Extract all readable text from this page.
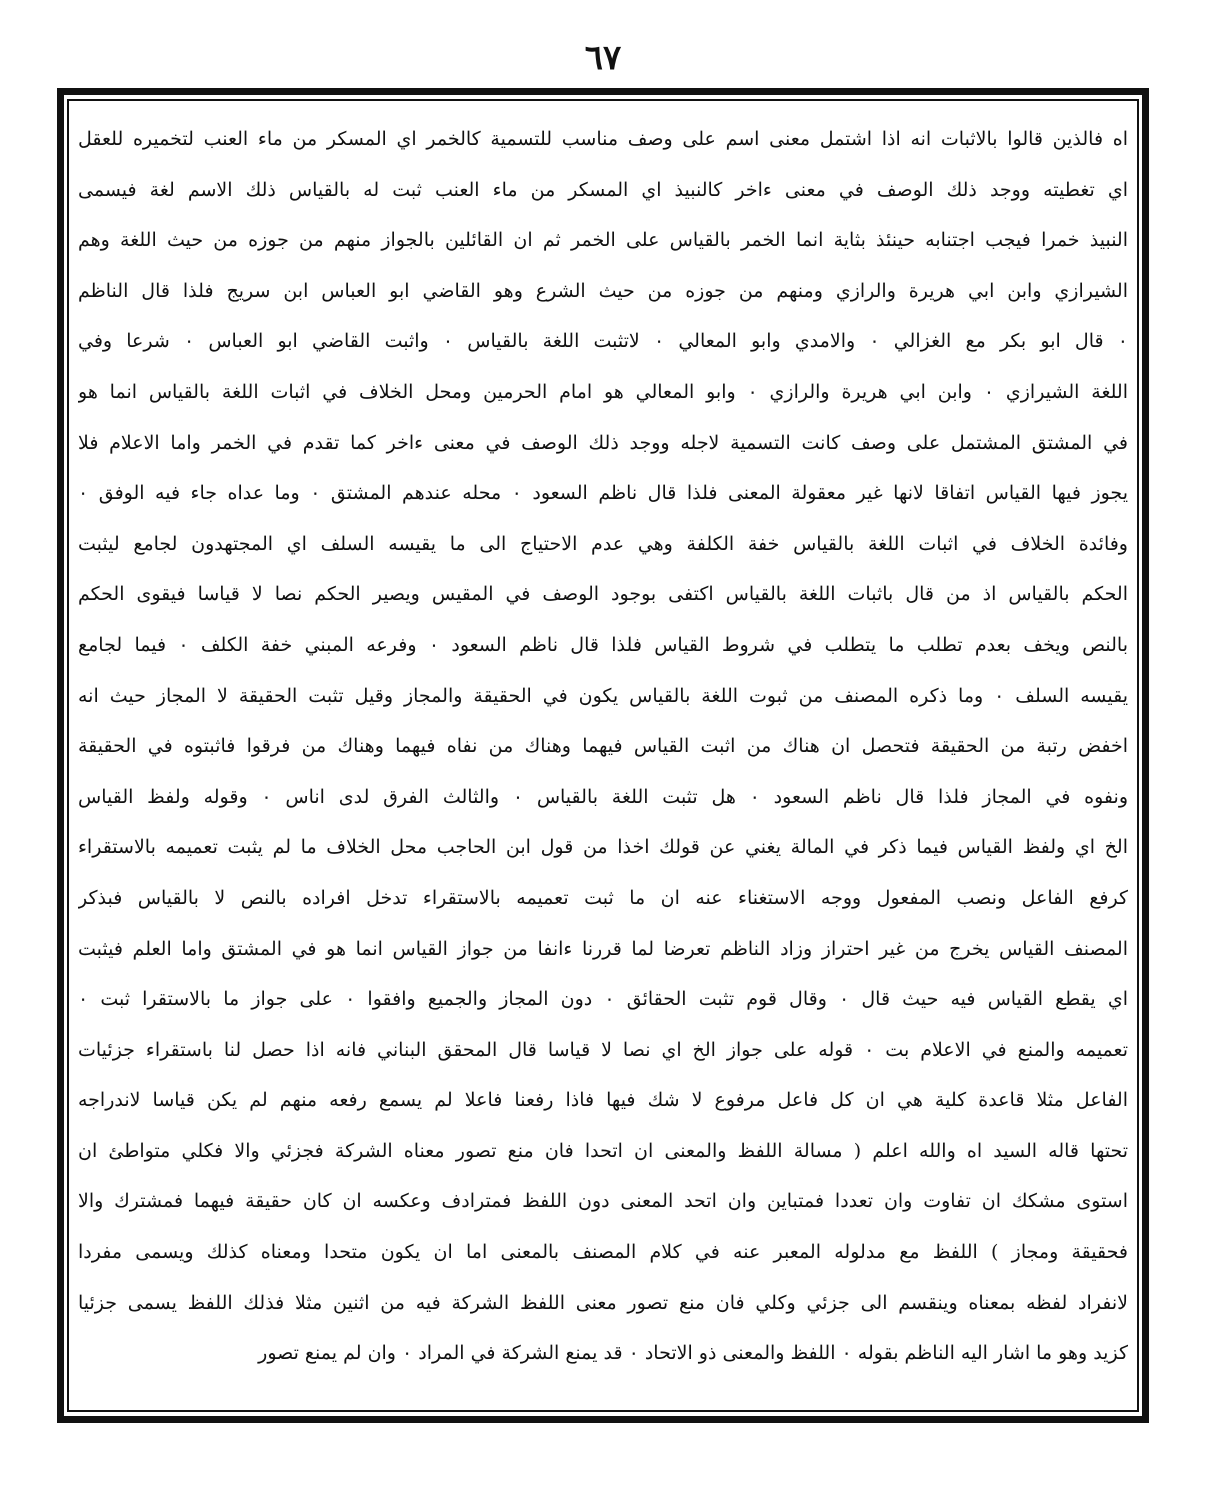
٦٧
اه فالذين قالوا بالاثبات انه اذا اشتمل معنى اسم على وصف مناسب للتسمية كالخمر اي المسكر من ماء العنب لتخميره للعقل
اي تغطيته ووجد ذلك الوصف في معنى ءاخر كالنبيذ اي المسكر من ماء العنب ثبت له بالقياس ذلك الاسم لغة فيسمى
النبيذ خمرا فيجب اجتنابه حينئذ بثاية انما الخمر بالقياس على الخمر ثم ان القائلين بالجواز منهم من جوزه من حيث اللغة وهم
الشيرازي وابن ابي هريرة والرازي ومنهم من جوزه من حيث الشرع وهو القاضي ابو العباس ابن سريج فلذا قال الناظم
٠ قال ابو بكر مع الغزالي ٠ والامدي وابو المعالي ٠ لاتثبت اللغة بالقياس ٠ واثبت القاضي ابو العباس ٠ شرعا وفي
اللغة الشيرازي ٠ وابن ابي هريرة والرازي ٠ وابو المعالي هو امام الحرمين ومحل الخلاف في اثبات اللغة بالقياس انما هو
في المشتق المشتمل على وصف كانت التسمية لاجله ووجد ذلك الوصف في معنى ءاخر كما تقدم في الخمر واما الاعلام فلا
يجوز فيها القياس اتفاقا لانها غير معقولة المعنى فلذا قال ناظم السعود ٠ محله عندهم المشتق ٠ وما عداه جاء فيه الوفق ٠
وفائدة الخلاف في اثبات اللغة بالقياس خفة الكلفة وهي عدم الاحتياج الى ما يقيسه السلف اي المجتهدون لجامع ليثبت
الحكم بالقياس اذ من قال باثبات اللغة بالقياس اكتفى بوجود الوصف في المقيس ويصير الحكم نصا لا قياسا فيقوى الحكم
بالنص ويخف بعدم تطلب ما يتطلب في شروط القياس فلذا قال ناظم السعود ٠ وفرعه المبني خفة الكلف ٠ فيما لجامع
يقيسه السلف ٠ وما ذكره المصنف من ثبوت اللغة بالقياس يكون في الحقيقة والمجاز وقيل تثبت الحقيقة لا المجاز حيث انه
اخفض رتبة من الحقيقة فتحصل ان هناك من اثبت القياس فيهما وهناك من نفاه فيهما وهناك من فرقوا فاثبتوه في الحقيقة
ونفوه في المجاز فلذا قال ناظم السعود ٠ هل تثبت اللغة بالقياس ٠ والثالث الفرق لدى اناس ٠ وقوله ولفظ القياس
الخ اي ولفظ القياس فيما ذكر في المالة يغني عن قولك اخذا من قول ابن الحاجب محل الخلاف ما لم يثبت تعميمه بالاستقراء
كرفع الفاعل ونصب المفعول ووجه الاستغناء عنه ان ما ثبت تعميمه بالاستقراء تدخل افراده بالنص لا بالقياس فبذكر
المصنف القياس يخرج من غير احتراز وزاد الناظم تعرضا لما قررنا ءانفا من جواز القياس انما هو في المشتق واما العلم فيثبت
اي يقطع القياس فيه حيث قال ٠ وقال قوم تثبت الحقائق ٠ دون المجاز والجميع وافقوا ٠ على جواز ما بالاستقرا ثبت ٠
تعميمه والمنع في الاعلام بت ٠ قوله على جواز الخ اي نصا لا قياسا قال المحقق البناني فانه اذا حصل لنا باستقراء جزئيات
الفاعل مثلا قاعدة كلية هي ان كل فاعل مرفوع لا شك فيها فاذا رفعنا فاعلا لم يسمع رفعه منهم لم يكن قياسا لاندراجه
تحتها قاله السيد اه والله اعلم ( مسالة اللفظ والمعنى ان اتحدا فان منع تصور معناه الشركة فجزئي والا فكلي متواطئ ان
استوى مشكك ان تفاوت وان تعددا فمتباين وان اتحد المعنى دون اللفظ فمترادف وعكسه ان كان حقيقة فيهما فمشترك والا
فحقيقة ومجاز ) اللفظ مع مدلوله المعبر عنه في كلام المصنف بالمعنى اما ان يكون متحدا ومعناه كذلك ويسمى مفردا
لانفراد لفظه بمعناه وينقسم الى جزئي وكلي فان منع تصور معنى اللفظ الشركة فيه من اثنين مثلا فذلك اللفظ يسمى جزئيا
كزيد وهو ما اشار اليه الناظم بقوله ٠ اللفظ والمعنى ذو الاتحاد ٠ قد يمنع الشركة في المراد ٠ وان لم يمنع تصور
